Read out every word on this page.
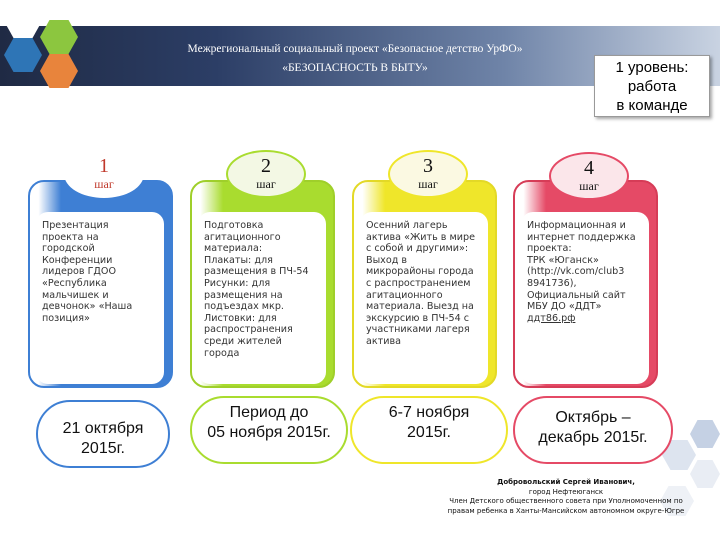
Межрегиональный социальный проект «Безопасное детство УрФО»
«БЕЗОПАСНОСТЬ В БЫТУ»	1 уровень:
работа
в команде
Презентация
проекта на
городской
Конференции
лидеров ГДОО
«Республика
мальчишек и
девчонок» «Наша
позиция»
Подготовка
агитационного
материала:
Плакаты: для
размещения в ПЧ-54
Рисунки: для
размещения на
подъездах мкр.
Листовки: для
распространения
среди жителей
города
Осенний лагерь
актива «Жить в мире
с собой и другими»:
Выход в
микрорайоны города
с распространением
агитационного
материала. Выезд на
экскурсию в ПЧ-54 с
участниками лагеря
актива
Информационная и
интернет поддержка
проекта:
ТРК «Юганск»
(http://vk.com/club3
8941736),
Официальный сайт
МБУ ДО «ДДТ»
ддт86.рф
1
шаг
2
шаг
3
шаг
4
шаг
21 октября
2015г.
Период до
05 ноября 2015г.
6-7 ноября
2015г.
Октябрь –
декабрь 2015г.
Добровольский Сергей Иванович,
город Нефтеюганск
Член Детского общественного совета при Уполномоченном по
правам ребенка в Ханты-Мансийском автономном округе-Югре
